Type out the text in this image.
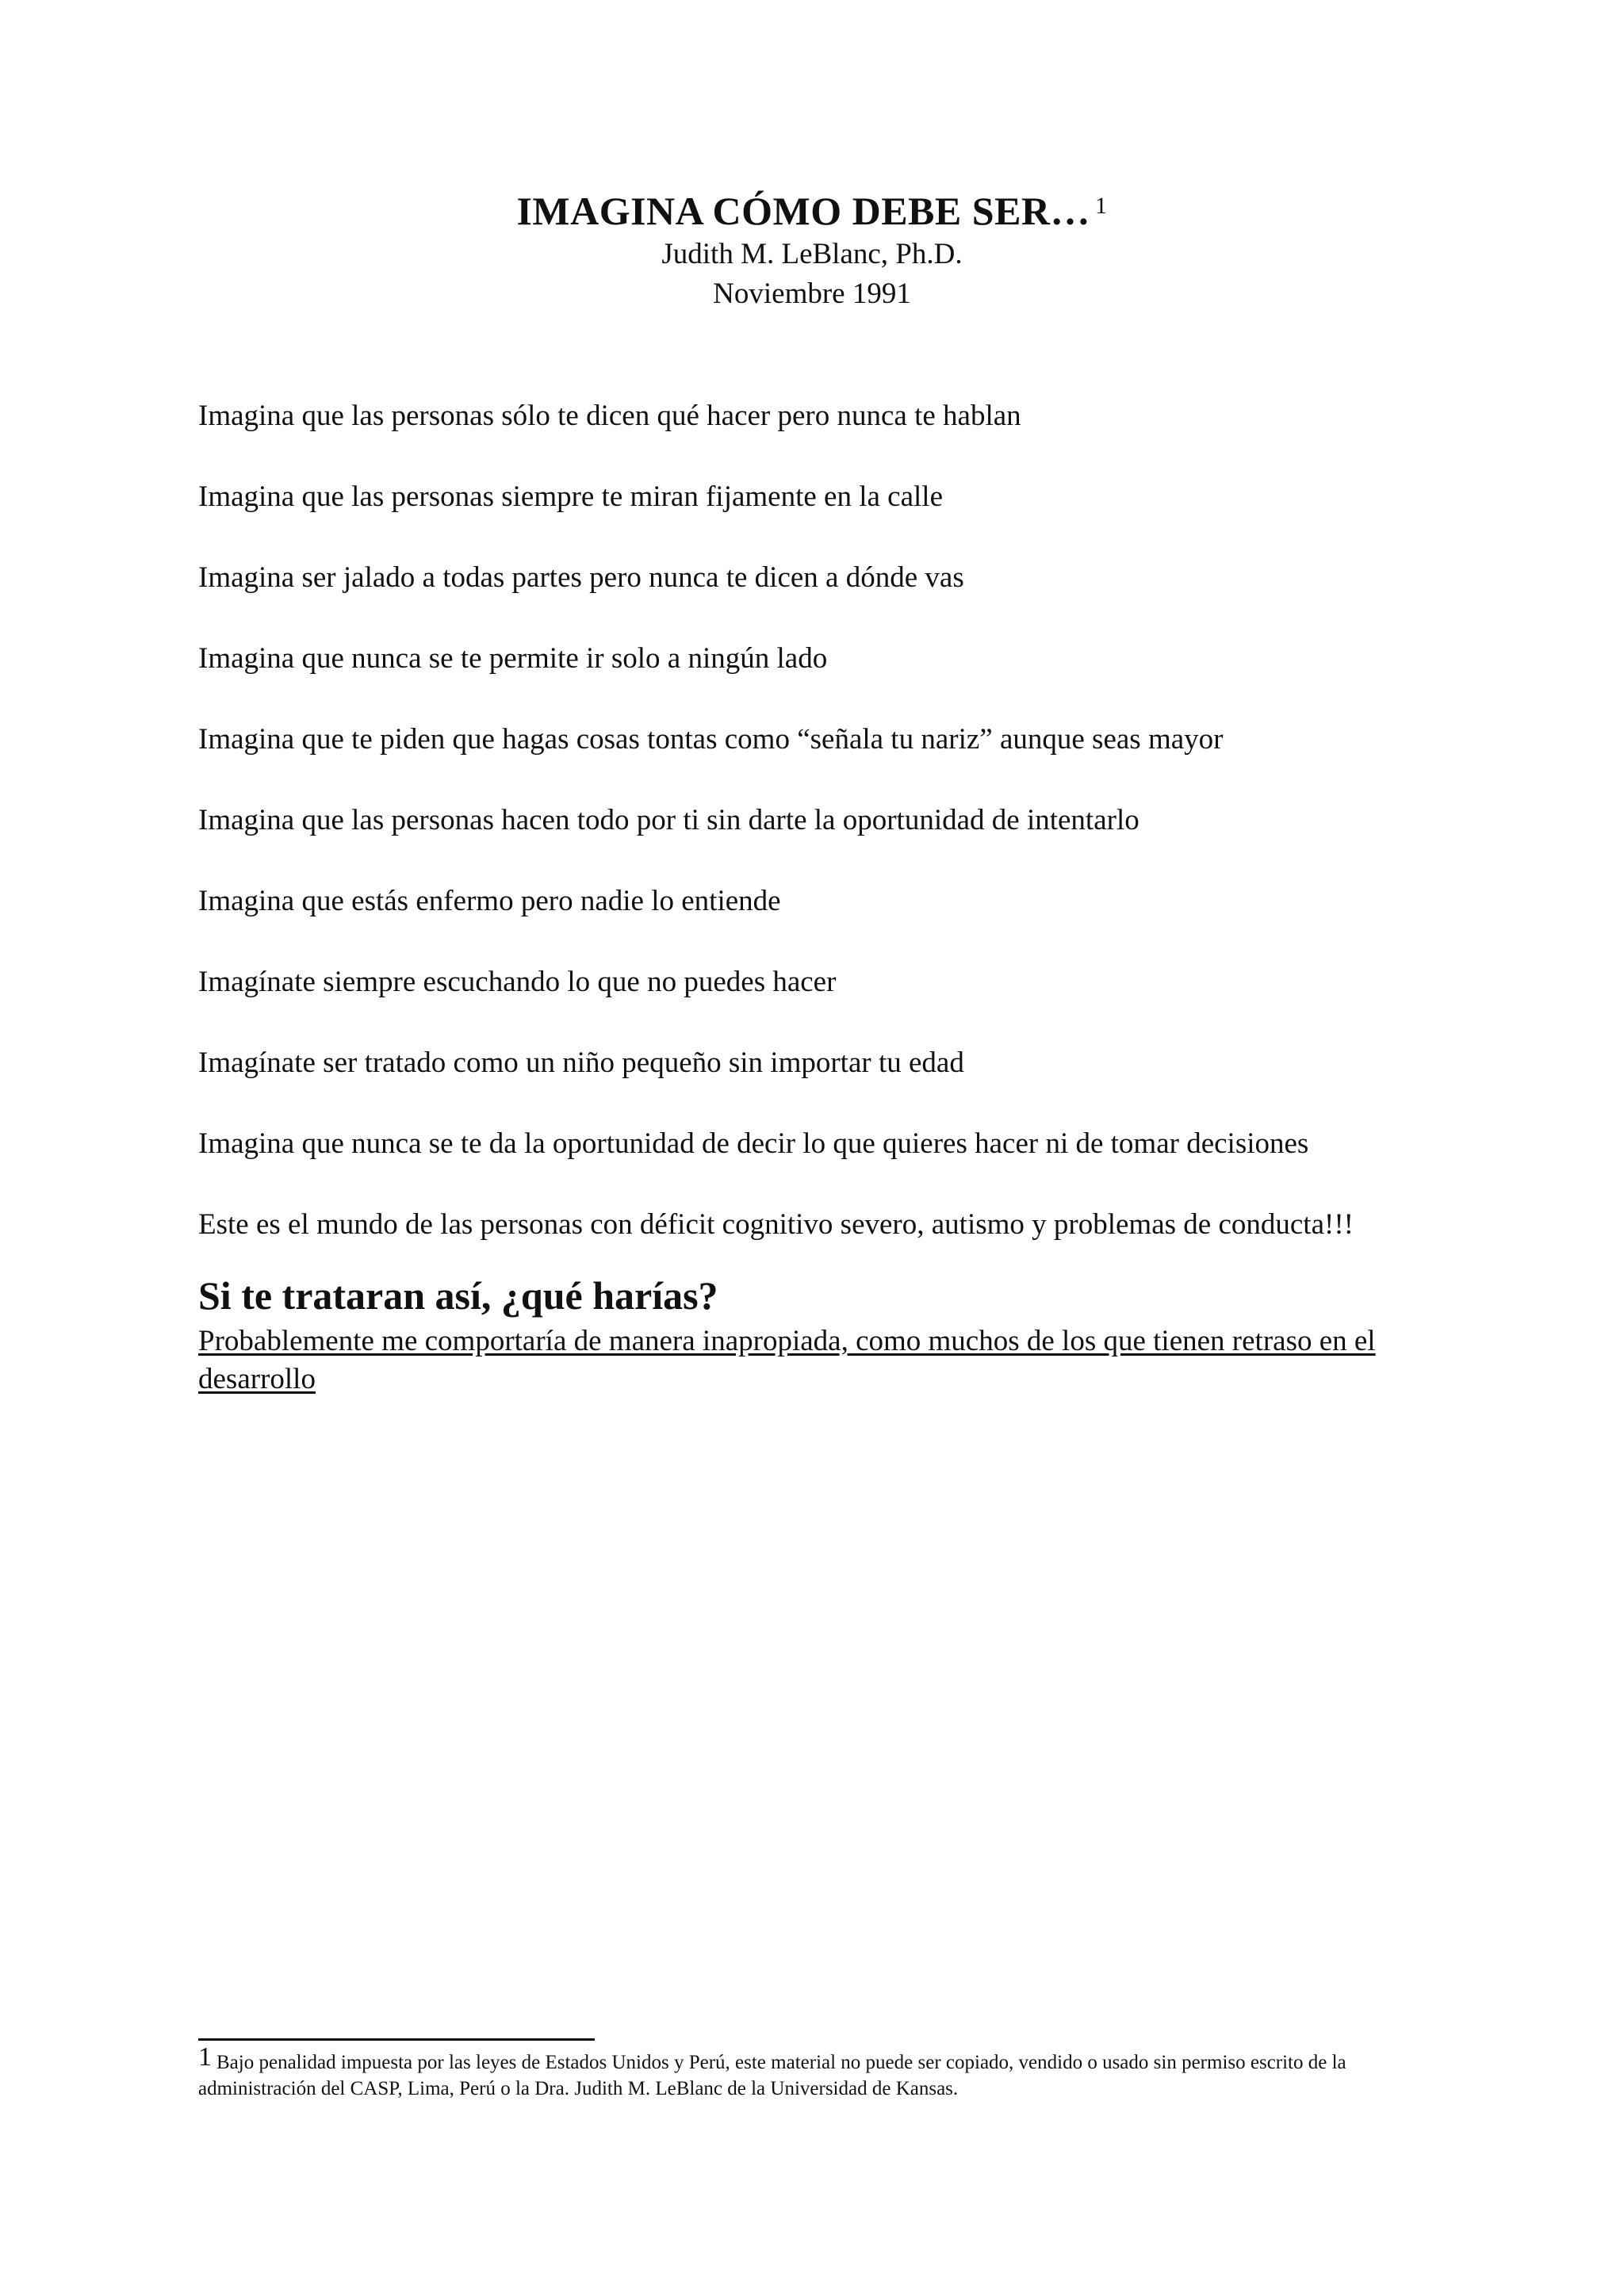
IMAGINA CÓMO DEBE SER… $^1$

Judith M. LeBlanc, Ph.D.

Noviembre 1991

Imagina que las personas sólo te dicen qué hacer pero nunca te hablan

Imagina que las personas siempre te miran fijamente en la calle

Imagina ser jalado a todas partes pero nunca te dicen a dónde vas

Imagina que nunca se te permite ir solo a ningún lado

Imagina que te piden que hagas cosas tontas como “señala tu nariz” aunque seas mayor

Imagina que las personas hacen todo por ti sin darte la oportunidad de intentarlo

Imagina que estás enfermo pero nadie lo entiende

Imagínate siempre escuchando lo que no puedes hacer

Imagínate ser tratado como un niño pequeño sin importar tu edad

Imagina que nunca se te da la oportunidad de decir lo que quieres hacer ni de tomar decisiones

Este es el mundo de las personas con déficit cognitivo severo, autismo y problemas de conducta!!!

Si te trataran así, ¿qué harías?

Probablemente me comportaría de manera inapropiada, como muchos de los que tienen retraso en el desarrollo

1 Bajo penalidad impuesta por las leyes de Estados Unidos y Perú, este material no puede ser copiado, vendido o usado sin permiso escrito de la administración del CASP, Lima, Perú o la Dra. Judith M. LeBlanc de la Universidad de Kansas.
